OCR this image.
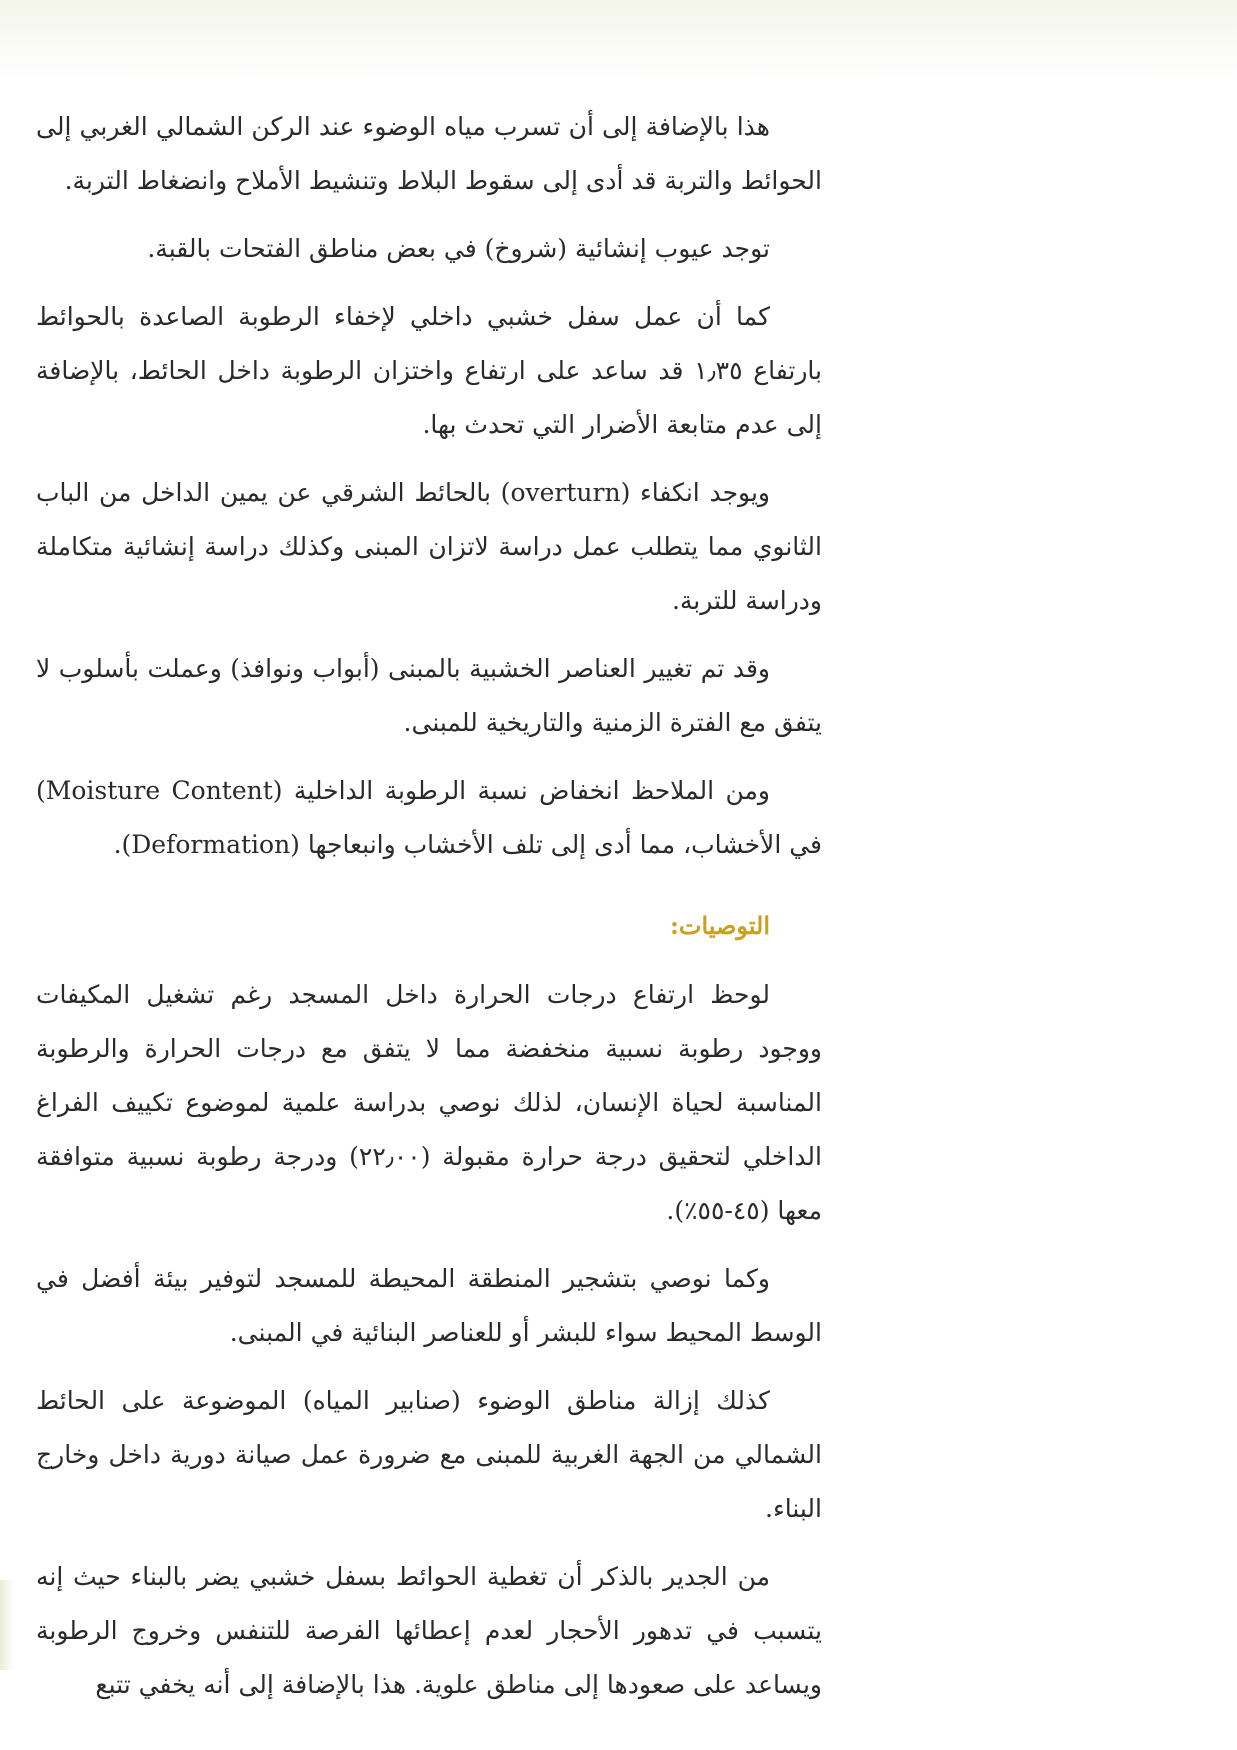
هذا بالإضافة إلى أن تسرب مياه الوضوء عند الركن الشمالي الغربي إلى الحوائط والتربة قد أدى إلى سقوط البلاط وتنشيط الأملاح وانضغاط التربة.

توجد عيوب إنشائية (شروخ) في بعض مناطق الفتحات بالقبة.

كما أن عمل سفل خشبي داخلي لإخفاء الرطوبة الصاعدة بالحوائط بارتفاع ١٫٣٥ قد ساعد على ارتفاع واختزان الرطوبة داخل الحائط، بالإضافة إلى عدم متابعة الأضرار التي تحدث بها.

ويوجد انكفاء (overturn) بالحائط الشرقي عن يمين الداخل من الباب الثانوي مما يتطلب عمل دراسة لاتزان المبنى وكذلك دراسة إنشائية متكاملة ودراسة للتربة.

وقد تم تغيير العناصر الخشبية بالمبنى (أبواب ونوافذ) وعملت بأسلوب لا يتفق مع الفترة الزمنية والتاريخية للمبنى.

ومن الملاحظ انخفاض نسبة الرطوبة الداخلية (Moisture Content) في الأخشاب، مما أدى إلى تلف الأخشاب وانبعاجها (Deformation).

التوصيات:

لوحظ ارتفاع درجات الحرارة داخل المسجد رغم تشغيل المكيفات ووجود رطوبة نسبية منخفضة مما لا يتفق مع درجات الحرارة والرطوبة المناسبة لحياة الإنسان، لذلك نوصي بدراسة علمية لموضوع تكييف الفراغ الداخلي لتحقيق درجة حرارة مقبولة (٢٢٫٠٠) ودرجة رطوبة نسبية متوافقة معها (٤٥-٥٥٪).

وكما نوصي بتشجير المنطقة المحيطة للمسجد لتوفير بيئة أفضل في الوسط المحيط سواء للبشر أو للعناصر البنائية في المبنى.

كذلك إزالة مناطق الوضوء (صنابير المياه) الموضوعة على الحائط الشمالي من الجهة الغربية للمبنى مع ضرورة عمل صيانة دورية داخل وخارج البناء.

من الجدير بالذكر أن تغطية الحوائط بسفل خشبي يضر بالبناء حيث إنه يتسبب في تدهور الأحجار لعدم إعطائها الفرصة للتنفس وخروج الرطوبة ويساعد على صعودها إلى مناطق علوية. هذا بالإضافة إلى أنه يخفي تتبع
